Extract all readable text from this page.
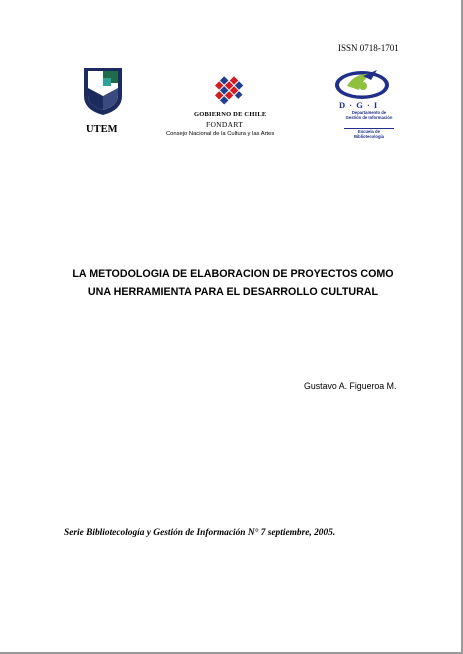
ISSN 0718-1701
UTEM
GOBIERNO DE CHILE
FONDART
Consejo Nacional de la Cultura y las Artes
D · G · I
Departamento de Gestión de Información
Escuela de Bibliotecología
LA METODOLOGIA DE ELABORACION DE PROYECTOS COMO
UNA HERRAMIENTA PARA EL DESARROLLO CULTURAL
Gustavo A. Figueroa M.
Serie Bibliotecología y Gestión de Información N° 7 septiembre, 2005.
